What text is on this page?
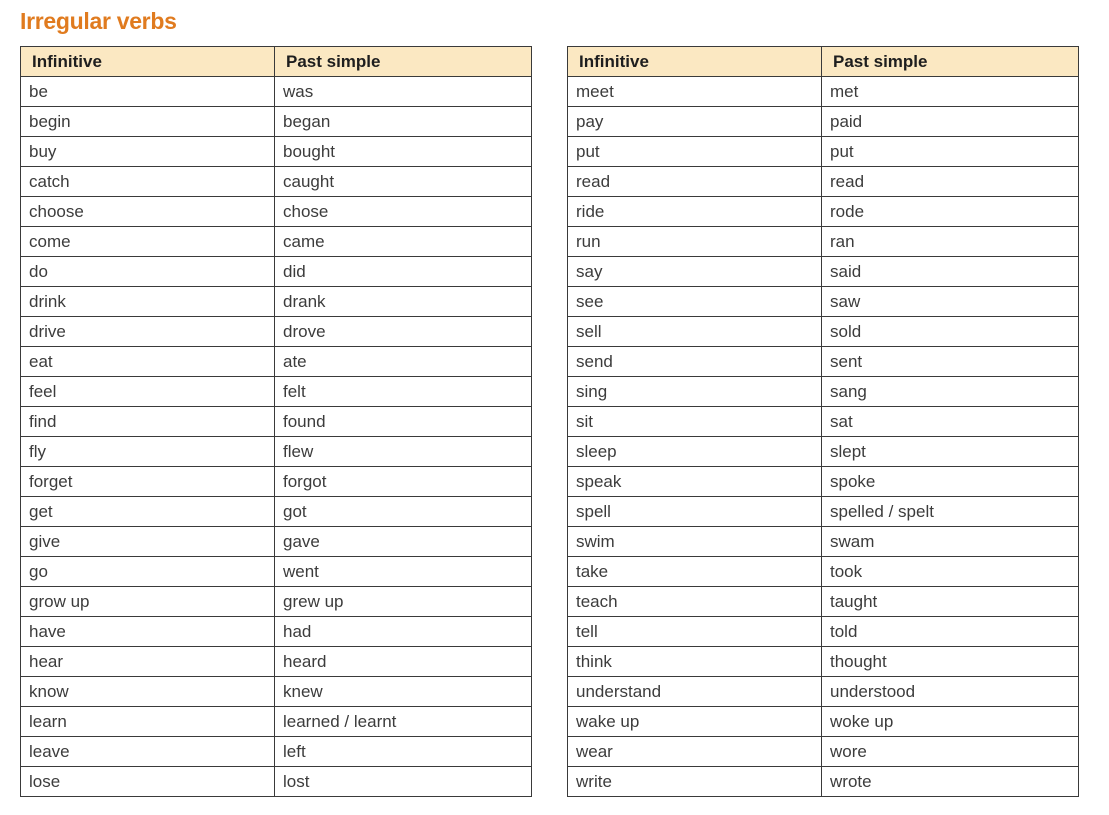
Irregular verbs
Infinitive	Past simple
be	was
begin	began
buy	bought
catch	caught
choose	chose
come	came
do	did
drink	drank
drive	drove
eat	ate
feel	felt
find	found
fly	flew
forget	forgot
get	got
give	gave
go	went
grow up	grew up
have	had
hear	heard
know	knew
learn	learned / learnt
leave	left
lose	lost
Infinitive	Past simple
meet	met
pay	paid
put	put
read	read
ride	rode
run	ran
say	said
see	saw
sell	sold
send	sent
sing	sang
sit	sat
sleep	slept
speak	spoke
spell	spelled / spelt
swim	swam
take	took
teach	taught
tell	told
think	thought
understand	understood
wake up	woke up
wear	wore
write	wrote
